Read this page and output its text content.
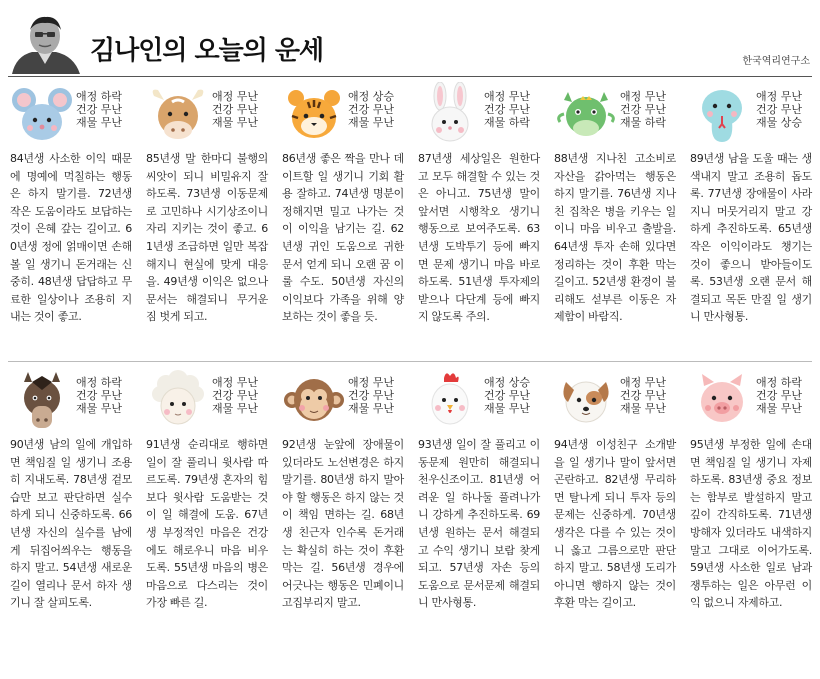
김나인의 오늘의 운세	한국역리연구소
애정 하락
건강 무난
재물 무난
84년생 사소한 이익 때문에 명예에 먹칠하는 행동은 하지 말기를. 72년생 작은 도움이라도 보답하는 것이 은혜 갚는 길이고. 60년생 정에 얽매이면 손해 볼 일 생기니 돈거래는 신중히. 48년생 답답하고 무료한 일상이나 조용히 지내는 것이 좋고.
애정 무난
건강 무난
재물 무난
85년생 말 한마디 불행의 씨앗이 되니 비밀유지 잘하도록. 73년생 이동문제로 고민하나 시기상조이니 자리 지키는 것이 좋고. 61년생 조급하면 일만 복잡해지니 현실에 맞게 대응을. 49년생 이익은 없으나 문서는 해결되니 무거운 짐 벗게 되고.
애정 상승
건강 무난
재물 무난
86년생 좋은 짝을 만나 데이트할 일 생기니 기회 활용 잘하고. 74년생 명분이 정해지면 밀고 나가는 것이 이익을 남기는 길. 62년생 귀인 도움으로 귀한 문서 얻게 되니 오랜 꿈 이룰 수도. 50년생 자신의 이익보다 가족을 위해 양보하는 것이 좋을 듯.
애정 무난
건강 무난
재물 하락
87년생 세상일은 원한다고 모두 해결할 수 있는 것은 아니고. 75년생 말이 앞서면 시행착오 생기니 행동으로 보여주도록. 63년생 도박투기 등에 빠지면 문제 생기니 마음 바로 하도록. 51년생 투자제의 받으나 다단계 등에 빠지지 않도록 주의.
애정 무난
건강 무난
재물 하락
88년생 지나친 고소비로 자산을 갉아먹는 행동은 하지 말기를. 76년생 지나친 집착은 병을 키우는 일이니 마음 비우고 출발을. 64년생 투자 손해 있다면 정리하는 것이 후환 막는 길이고. 52년생 환경이 불리해도 섣부른 이동은 자제함이 바람직.
애정 무난
건강 무난
재물 상승
89년생 남을 도울 때는 생색내지 말고 조용히 돕도록. 77년생 장애물이 사라지니 머뭇거리지 말고 강하게 추진하도록. 65년생 작은 이익이라도 챙기는 것이 좋으니 받아들이도록. 53년생 오랜 문서 해결되고 목돈 만질 일 생기니 만사형통.
애정 하락
건강 무난
재물 무난
90년생 남의 일에 개입하면 책임질 일 생기니 조용히 지내도록. 78년생 겉모습만 보고 판단하면 실수하게 되니 신중하도록. 66년생 자신의 실수를 남에게 뒤집어씌우는 행동을 하지 말고. 54년생 새로운 길이 열리나 문서 하자 생기니 잘 살피도록.
애정 무난
건강 무난
재물 무난
91년생 순리대로 행하면 일이 잘 풀리니 윗사람 따르도록. 79년생 혼자의 힘보다 윗사람 도움받는 것이 일 해결에 도움. 67년생 부정적인 마음은 건강에도 해로우니 마음 비우도록. 55년생 마음의 병은 마음으로 다스리는 것이 가장 빠른 길.
애정 무난
건강 무난
재물 무난
92년생 눈앞에 장애물이 있더라도 노선변경은 하지 말기를. 80년생 하지 말아야 할 행동은 하지 않는 것이 책임 면하는 길. 68년생 친근자 인수록 돈거래는 확실히 하는 것이 후환 막는 길. 56년생 경우에 어긋나는 행동은 민폐이니 고집부리지 말고.
애정 상승
건강 무난
재물 무난
93년생 일이 잘 풀리고 이동문제 원만히 해결되니 천우신조이고. 81년생 어려운 일 하나둘 풀려나가니 강하게 추진하도록. 69년생 원하는 문서 해결되고 수익 생기니 보람 찾게 되고. 57년생 자손 등의 도움으로 문서문제 해결되니 만사형통.
애정 무난
건강 무난
재물 무난
94년생 이성친구 소개받을 일 생기나 말이 앞서면 곤란하고. 82년생 무리하면 탈나게 되니 투자 등의 문제는 신중하게. 70년생 생각은 다를 수 있는 것이니 옳고 그름으로만 판단하지 말고. 58년생 도리가 아니면 행하지 않는 것이 후환 막는 길이고.
애정 하락
건강 무난
재물 무난
95년생 부정한 일에 손대면 책임질 일 생기니 자제하도록. 83년생 중요 정보는 함부로 발설하지 말고 깊이 간직하도록. 71년생 방해자 있더라도 내색하지 말고 그대로 이어가도록. 59년생 사소한 일로 남과 쟁투하는 일은 아무런 이익 없으니 자제하고.
